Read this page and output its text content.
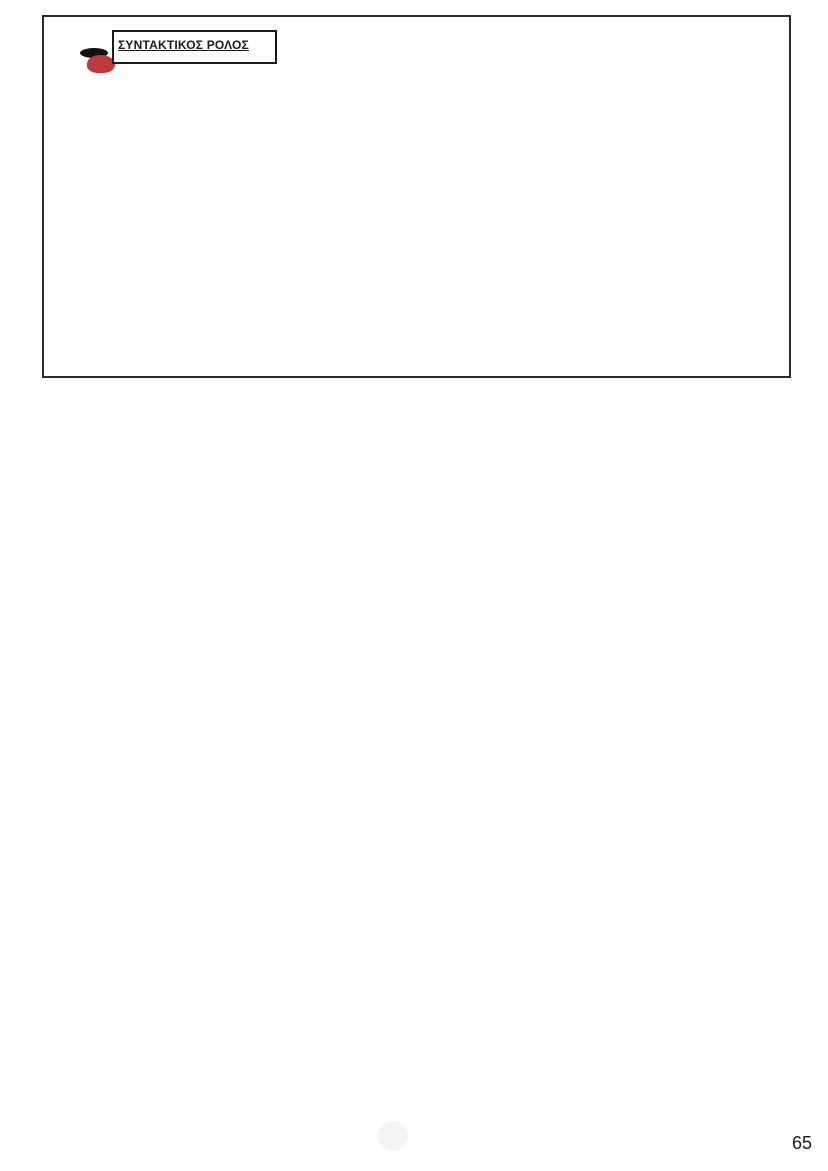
ΣΥΝΤΑΚΤΙΚΟΣ ΡΟΛΟΣ
65
